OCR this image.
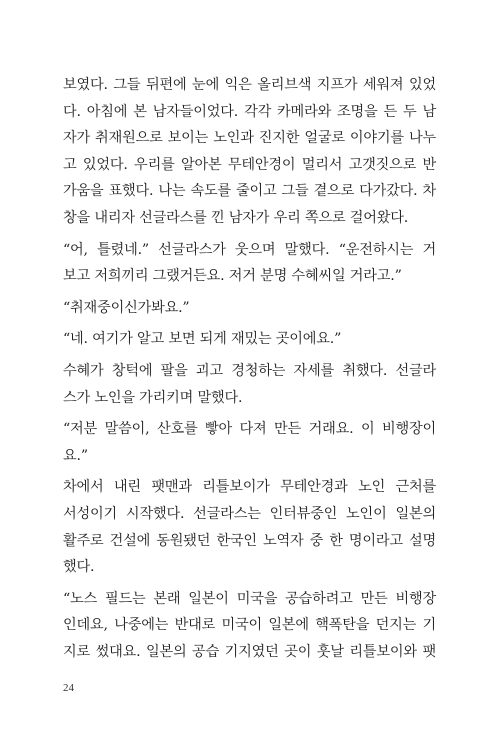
보였다. 그들 뒤편에 눈에 익은 올리브색 지프가 세워져 있었
다. 아침에 본 남자들이었다. 각각 카메라와 조명을 든 두 남
자가 취재원으로 보이는 노인과 진지한 얼굴로 이야기를 나누
고 있었다. 우리를 알아본 무테안경이 멀리서 고갯짓으로 반
가움을 표했다. 나는 속도를 줄이고 그들 곁으로 다가갔다. 차
창을 내리자 선글라스를 낀 남자가 우리 쪽으로 걸어왔다.
“어, 틀렸네.” 선글라스가 웃으며 말했다. “운전하시는 거
보고 저희끼리 그랬거든요. 저거 분명 수혜씨일 거라고.”
“취재중이신가봐요.”
“네. 여기가 알고 보면 되게 재밌는 곳이에요.”
수혜가 창턱에 팔을 괴고 경청하는 자세를 취했다. 선글라
스가 노인을 가리키며 말했다.
“저분 말씀이, 산호를 빻아 다져 만든 거래요. 이 비행장이
요.”
차에서 내린 팻맨과 리틀보이가 무테안경과 노인 근처를
서성이기 시작했다. 선글라스는 인터뷰중인 노인이 일본의
활주로 건설에 동원됐던 한국인 노역자 중 한 명이라고 설명
했다.
“노스 필드는 본래 일본이 미국을 공습하려고 만든 비행장
인데요, 나중에는 반대로 미국이 일본에 핵폭탄을 던지는 기
지로 썼대요. 일본의 공습 기지였던 곳이 훗날 리틀보이와 팻
24
